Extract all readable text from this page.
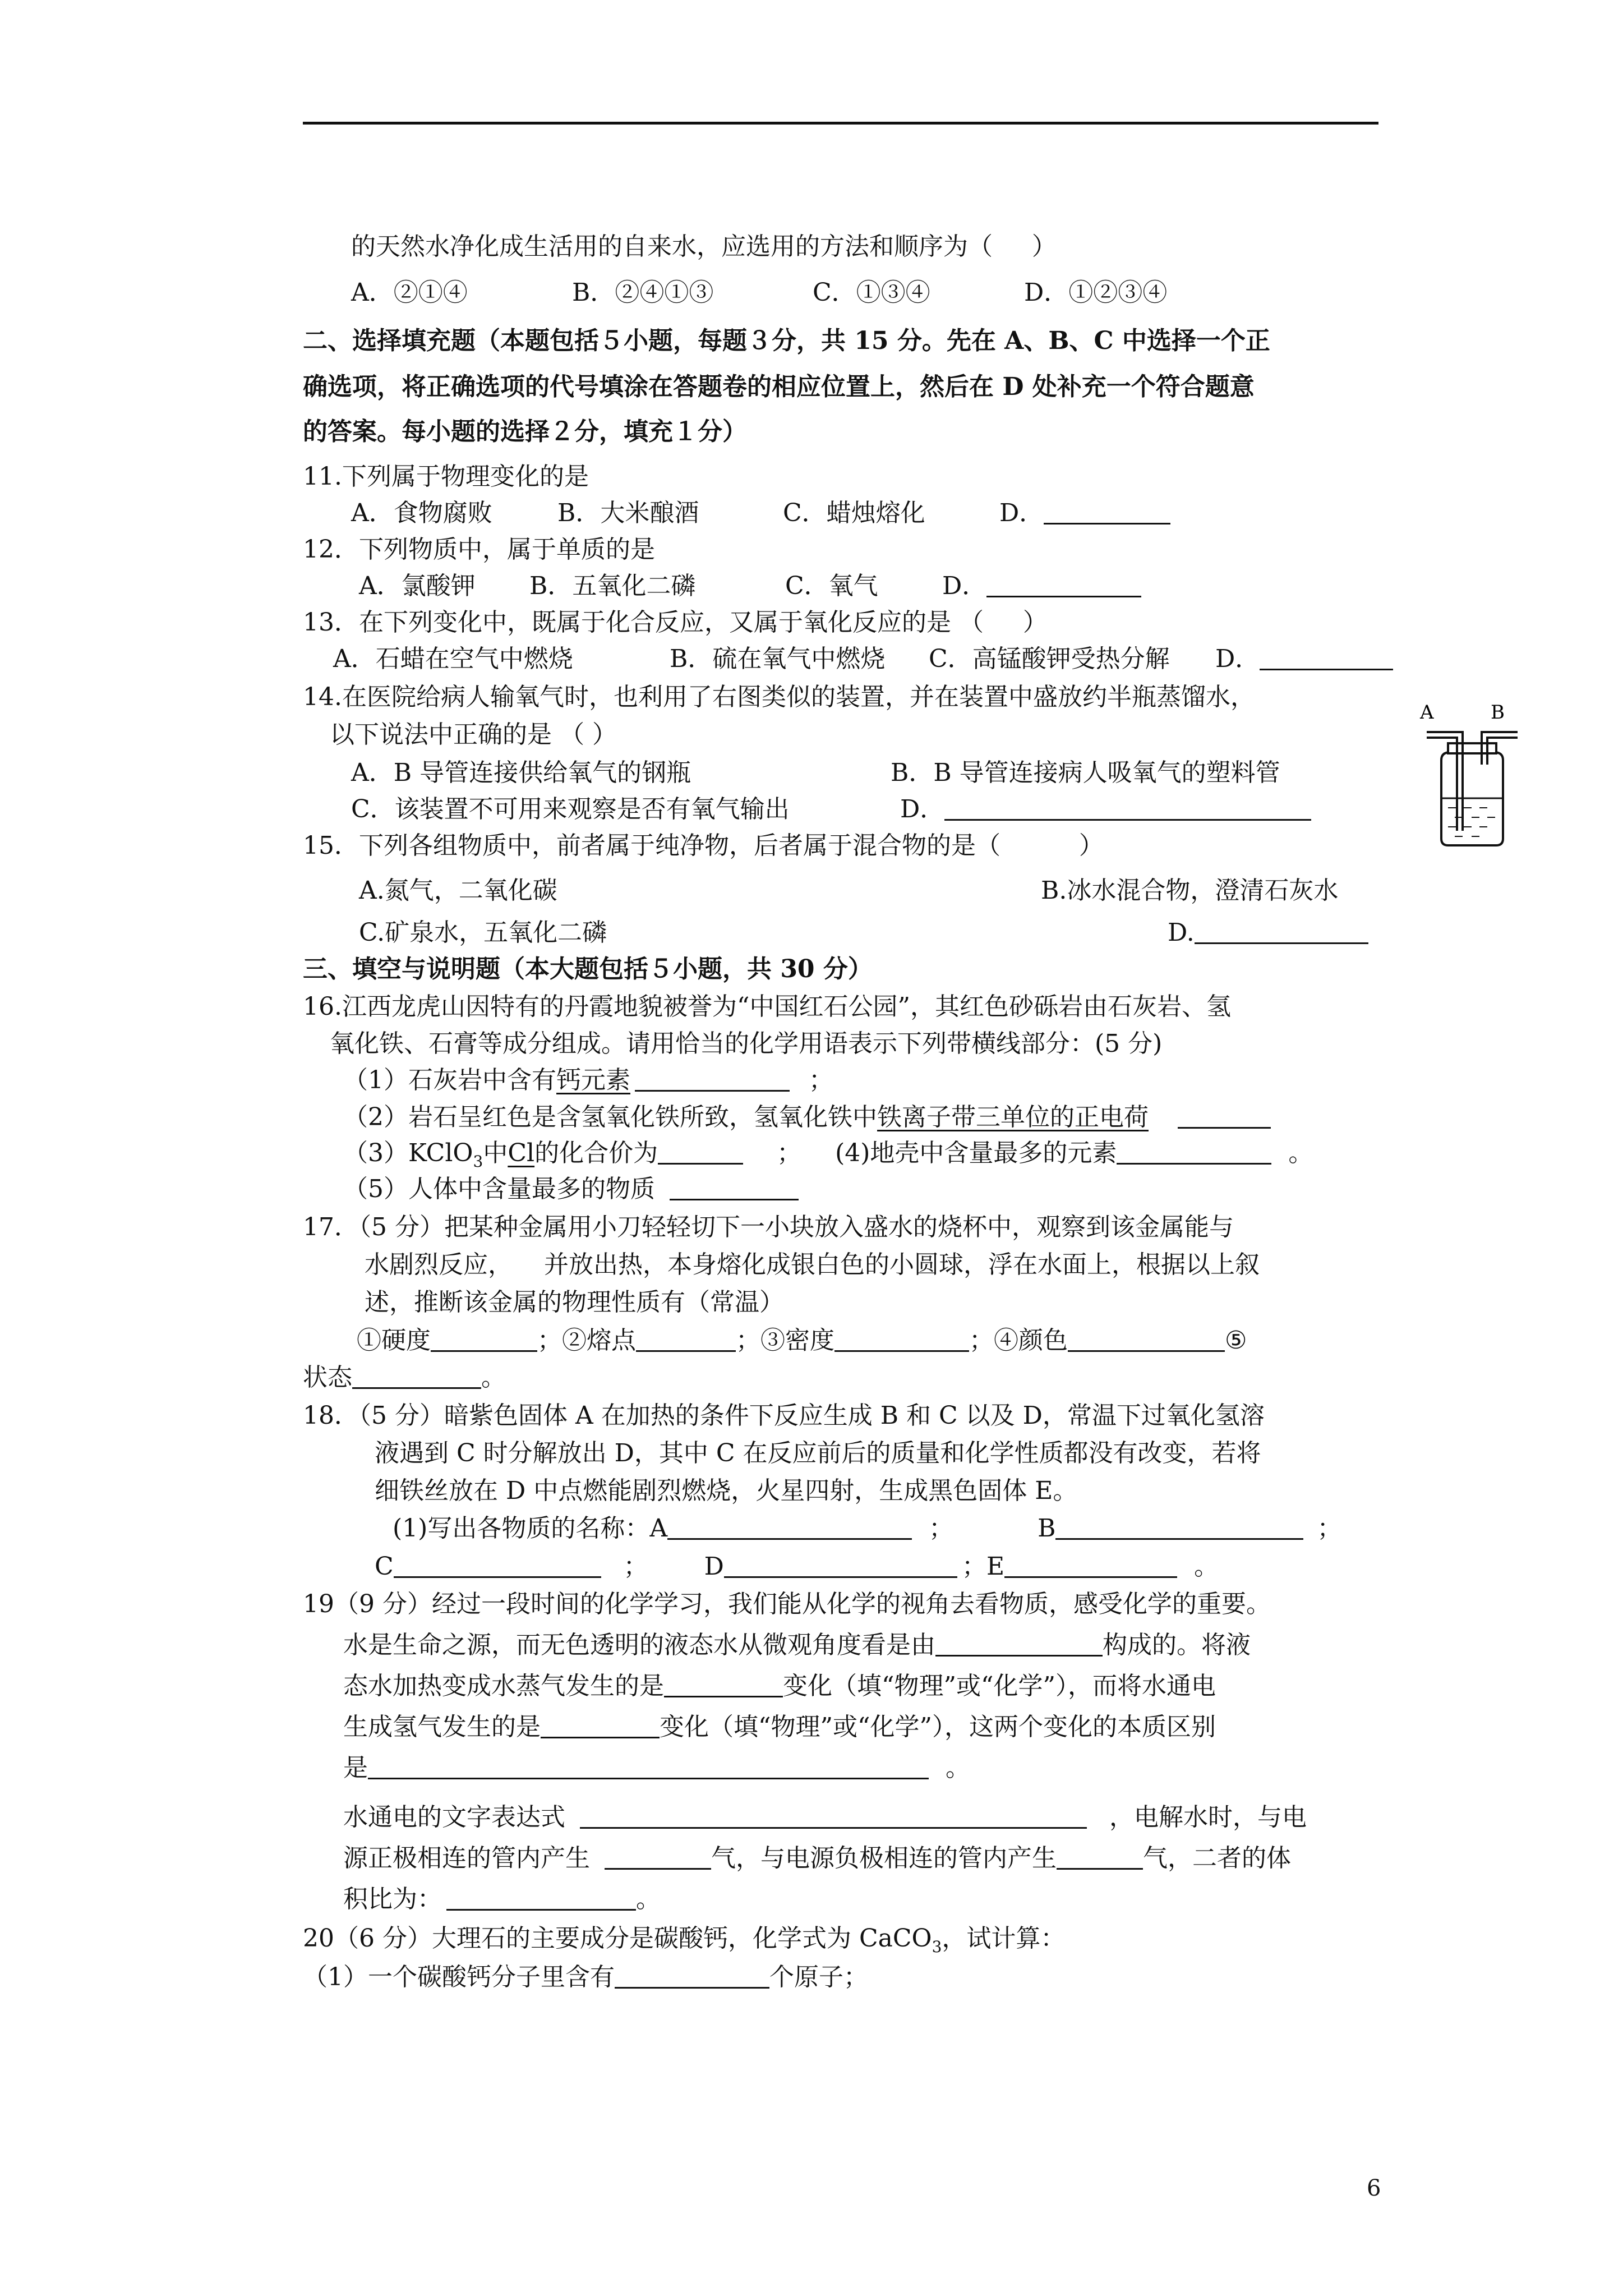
的天然水净化成生活用的自来水，应选用的方法和顺序为（     ）
A．②①④	B．②④①③	C．①③④	D．①②③④
二、选择填充题（本题包括５小题，每题３分，共 15 分。先在 A、B、C 中选择一个正
确选项，将正确选项的代号填涂在答题卷的相应位置上，然后在 D 处补充一个符合题意
的答案。每小题的选择２分，填充１分）
11.下列属于物理变化的是
A．食物腐败	B．大米酿酒	C．蜡烛熔化	D．
12．下列物质中，属于单质的是
A．氯酸钾 B．五氧化二磷	C．氧气	D．
13．在下列变化中，既属于化合反应，又属于氧化反应的是 （     ）
A．石蜡在空气中燃烧	B．硫在氧气中燃烧 C．高锰酸钾受热分解 D．
14.在医院给病人输氧气时，也利用了右图类似的装置，并在装置中盛放约半瓶蒸馏水，
以下说法中正确的是 （ ）
A．B 导管连接供给氧气的钢瓶	B．B 导管连接病人吸氧气的塑料管
C．该装置不可用来观察是否有氧气输出	D．
A	B
15．下列各组物质中，前者属于纯净物，后者属于混合物的是（          ）
A.氮气，二氧化碳	B.冰水混合物，澄清石灰水
C.矿泉水，五氧化二磷	D.
三、填空与说明题（本大题包括５小题，共 30 分）
16.江西龙虎山因特有的丹霞地貌被誉为“中国红石公园”，其红色砂砾岩由石灰岩、氢
氧化铁、石膏等成分组成。请用恰当的化学用语表示下列带横线部分：(5 分)
（1）石灰岩中含有钙元素	；
（2）岩石呈红色是含氢氧化铁所致，氢氧化铁中铁离子带三单位的正电荷
（3）KClO$_3$中Cl的化合价为	； (4)地壳中含量最多的元素	。
（5）人体中含量最多的物质
17．（5 分）把某种金属用小刀轻轻切下一小块放入盛水的烧杯中，观察到该金属能与
水剧烈反应，    并放出热，本身熔化成银白色的小圆球，浮在水面上，根据以上叙
述，推断该金属的物理性质有（常温）
①硬度	；②熔点	；③密度	；④颜色	⑤
状态	。
18．（5 分）暗紫色固体 A 在加热的条件下反应生成 B 和 C 以及 D，常温下过氧化氢溶
液遇到 C 时分解放出 D，其中 C 在反应前后的质量和化学性质都没有改变，若将
细铁丝放在 D 中点燃能剧烈燃烧，火星四射，生成黑色固体 E。
(1)写出各物质的名称：A	；	B	；
C	； D	；E	。
19（9 分）经过一段时间的化学学习，我们能从化学的视角去看物质，感受化学的重要。
水是生命之源，而无色透明的液态水从微观角度看是由	构成的。将液
态水加热变成水蒸气发生的是	变化（填“物理”或“化学”），而将水通电
生成氢气发生的是	变化（填“物理”或“化学”），这两个变化的本质区别
是	。
水通电的文字表达式	，电解水时，与电
源正极相连的管内产生	气，与电源负极相连的管内产生	气，二者的体
积比为：	。
20（6 分）大理石的主要成分是碳酸钙，化学式为 CaCO$_3$，试计算：
（1）一个碳酸钙分子里含有	个原子；
6
